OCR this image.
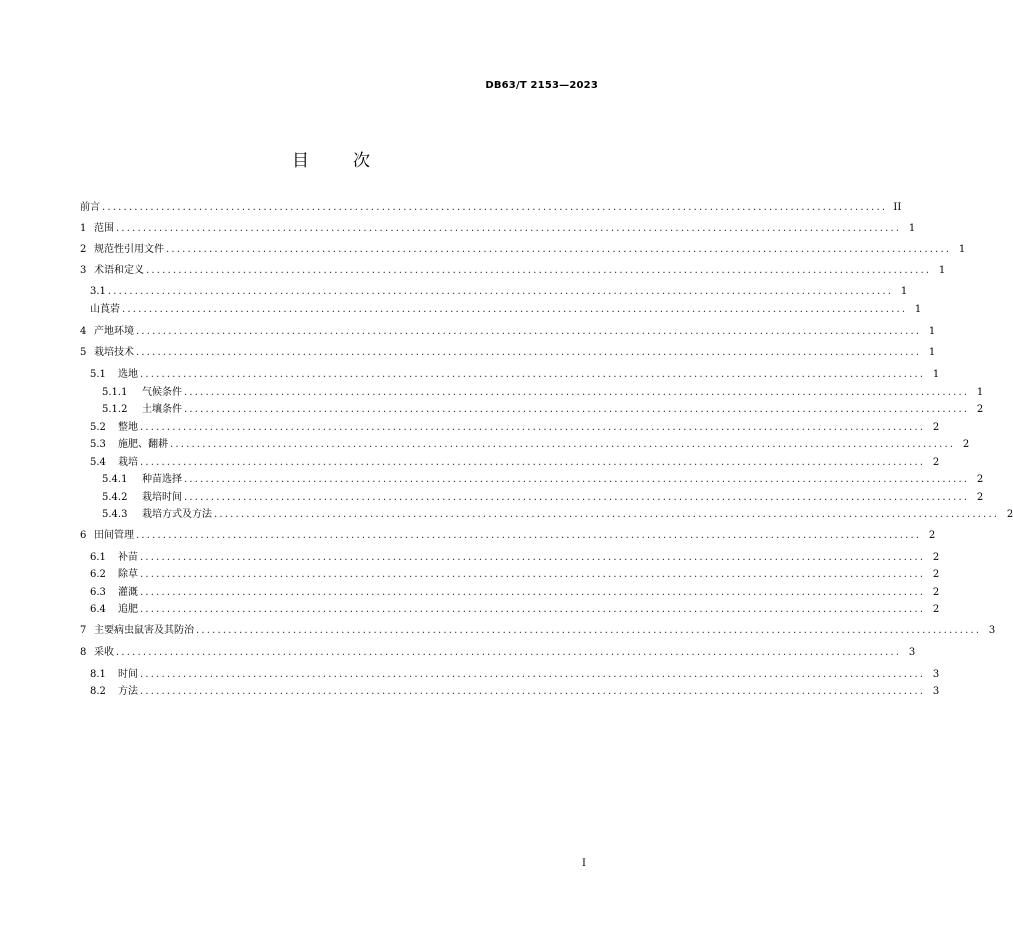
DB63/T 2153—2023
目	次
前言 .................................................................................................................................................. II
1 范围 .................................................................................................................................................. 1
2 规范性引用文件 .................................................................................................................................................. 1
3 术语和定义 .................................................................................................................................................. 1
3.1 .................................................................................................................................................. 1
山莨菪 .................................................................................................................................................. 1
4 产地环境 .................................................................................................................................................. 1
5 栽培技术 .................................................................................................................................................. 1
5.1	选地 .................................................................................................................................................. 1
5.1.1	气候条件 .................................................................................................................................................. 1
5.1.2	土壤条件 .................................................................................................................................................. 2
5.2	整地 .................................................................................................................................................. 2
5.3	施肥、翻耕 .................................................................................................................................................. 2
5.4	栽培 .................................................................................................................................................. 2
5.4.1	种苗选择 .................................................................................................................................................. 2
5.4.2	栽培时间 .................................................................................................................................................. 2
5.4.3	栽培方式及方法 .................................................................................................................................................. 2
6 田间管理 .................................................................................................................................................. 2
6.1	补苗 .................................................................................................................................................. 2
6.2	除草 .................................................................................................................................................. 2
6.3	灌溉 .................................................................................................................................................. 2
6.4	追肥 .................................................................................................................................................. 2
7 主要病虫鼠害及其防治 .................................................................................................................................................. 3
8 采收 .................................................................................................................................................. 3
8.1	时间 .................................................................................................................................................. 3
8.2	方法 .................................................................................................................................................. 3
I
